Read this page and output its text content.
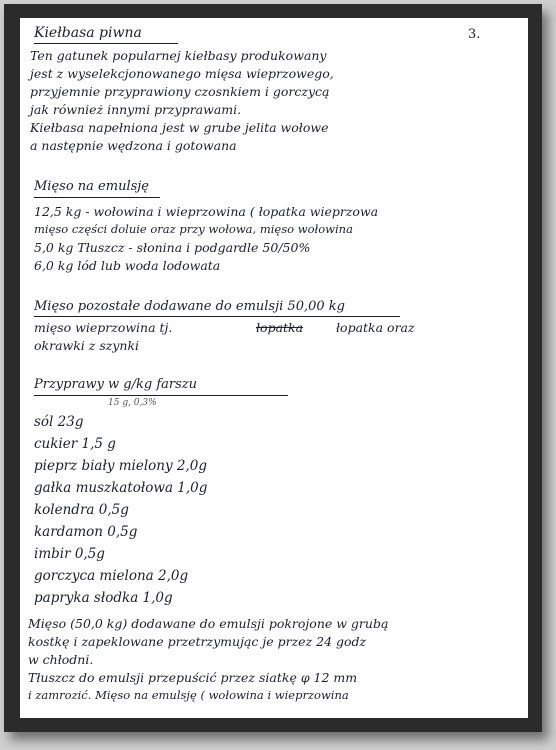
Kiełbasa piwna	3.

Ten gatunek popularnej kiełbasy produkowany

jest z wyselekcjonowanego mięsa wieprzowego,

przyjemnie przyprawiony czosnkiem i gorczycą

jak również innymi przyprawami.

Kiełbasa napełniona jest w grube jelita wołowe

a następnie wędzona i gotowana

Mięso na emulsję

12,5 kg - wołowina i wieprzowina ( łopatka wieprzowa

mięso części doluie oraz przy wołowa, mięso wołowina

5,0 kg Tłuszcz - słonina i podgardle 50/50%

6,0 kg lód lub woda lodowata

Mięso pozostałe dodawane do emulsji 50,00 kg

mięso wieprzowina tj.	łopatka	łopatka oraz

okrawki z szynki

Przyprawy w g/kg farszu

15 g, 0,3%

sól 23g

cukier 1,5 g

pieprz biały mielony 2,0g

gałka muszkatołowa 1,0g

kolendra 0,5g

kardamon 0,5g

imbir 0,5g

gorczyca mielona 2,0g

papryka słodka 1,0g

Mięso (50,0 kg) dodawane do emulsji pokrojone w grubą

kostkę i zapeklowane przetrzymując je przez 24 godz

w chłodni.

Tłuszcz do emulsji przepuścić przez siatkę φ 12 mm

i zamrozić. Mięso na emulsję ( wołowina i wieprzowina
